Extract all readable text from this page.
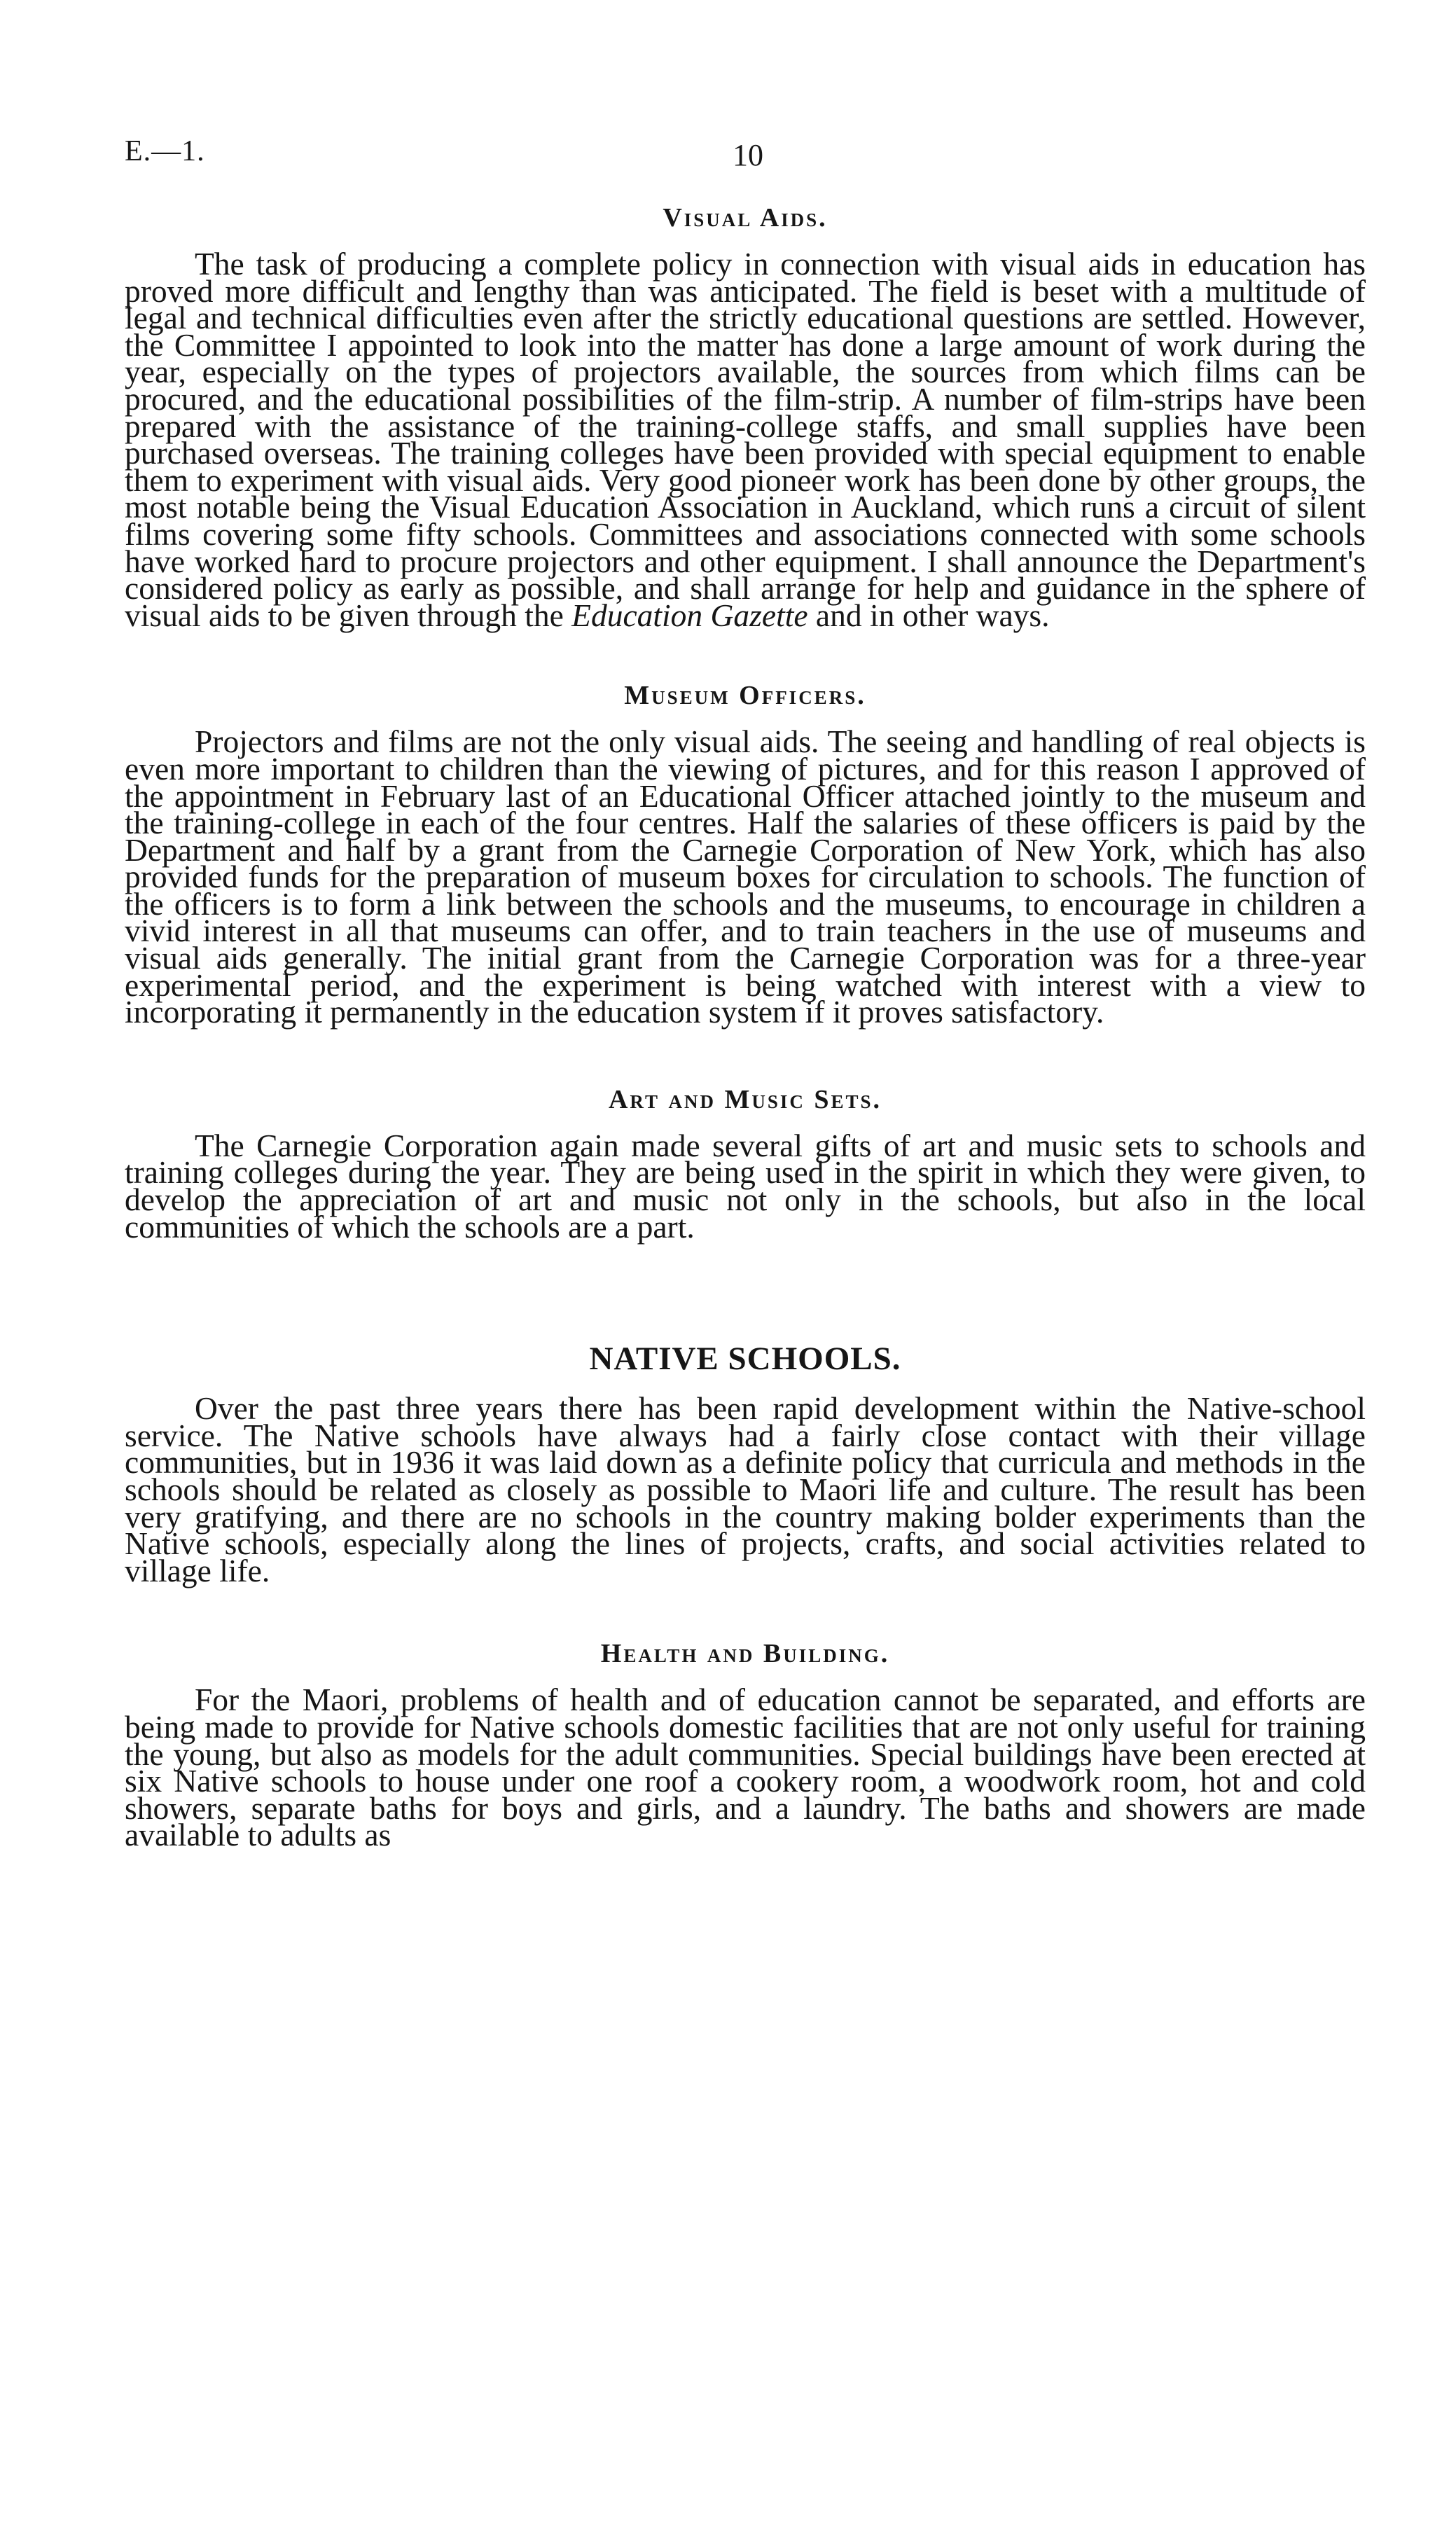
E.—1.	10
Visual Aids.

The task of producing a complete policy in connection with visual aids in education has proved more difficult and lengthy than was anticipated. The field is beset with a multitude of legal and technical difficulties even after the strictly educational questions are settled. However, the Committee I appointed to look into the matter has done a large amount of work during the year, especially on the types of projectors available, the sources from which films can be procured, and the educational possibilities of the film-strip. A number of film-strips have been prepared with the assistance of the training-college staffs, and small supplies have been purchased overseas. The training colleges have been provided with special equipment to enable them to experiment with visual aids. Very good pioneer work has been done by other groups, the most notable being the Visual Education Association in Auckland, which runs a circuit of silent films covering some fifty schools. Committees and associations connected with some schools have worked hard to procure projectors and other equipment. I shall announce the Department's considered policy as early as possible, and shall arrange for help and guidance in the sphere of visual aids to be given through the Education Gazette and in other ways.

Museum Officers.

Projectors and films are not the only visual aids. The seeing and handling of real objects is even more important to children than the viewing of pictures, and for this reason I approved of the appointment in February last of an Educational Officer attached jointly to the museum and the training-college in each of the four centres. Half the salaries of these officers is paid by the Department and half by a grant from the Carnegie Corporation of New York, which has also provided funds for the preparation of museum boxes for circulation to schools. The function of the officers is to form a link between the schools and the museums, to encourage in children a vivid interest in all that museums can offer, and to train teachers in the use of museums and visual aids generally. The initial grant from the Carnegie Corporation was for a three-year experimental period, and the experiment is being watched with interest with a view to incorporating it permanently in the education system if it proves satisfactory.

Art and Music Sets.

The Carnegie Corporation again made several gifts of art and music sets to schools and training colleges during the year. They are being used in the spirit in which they were given, to develop the appreciation of art and music not only in the schools, but also in the local communities of which the schools are a part.

NATIVE SCHOOLS.

Over the past three years there has been rapid development within the Native-school service. The Native schools have always had a fairly close contact with their village communities, but in 1936 it was laid down as a definite policy that curricula and methods in the schools should be related as closely as possible to Maori life and culture. The result has been very gratifying, and there are no schools in the country making bolder experiments than the Native schools, especially along the lines of projects, crafts, and social activities related to village life.

Health and Building.

For the Maori, problems of health and of education cannot be separated, and efforts are being made to provide for Native schools domestic facilities that are not only useful for training the young, but also as models for the adult communities. Special buildings have been erected at six Native schools to house under one roof a cookery room, a woodwork room, hot and cold showers, separate baths for boys and girls, and a laundry. The baths and showers are made available to adults as
